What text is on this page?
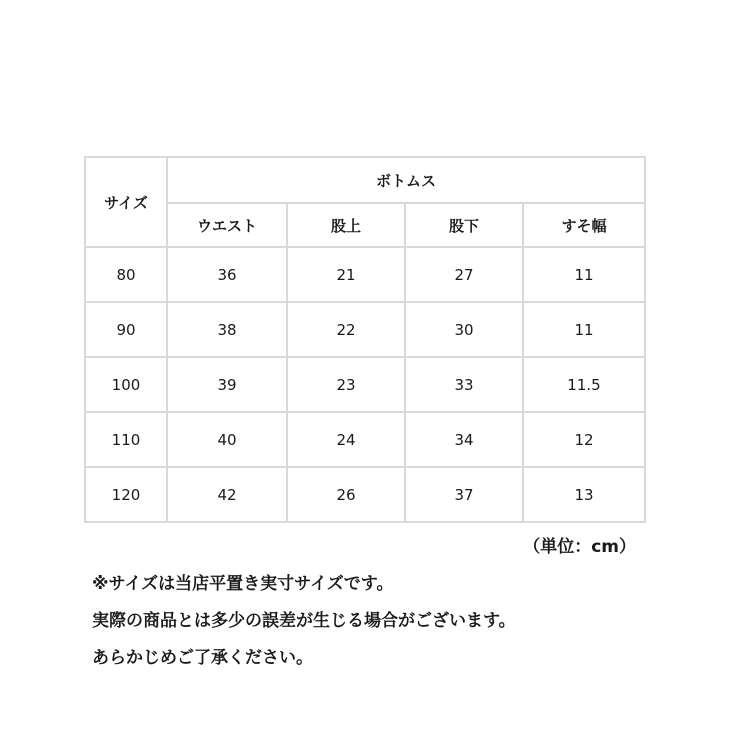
サイズ	ボトムス			
	ウエスト	股上	股下	すそ幅
80	36	21	27	11
90	38	22	30	11
100	39	23	33	11.5
110	40	24	34	12
120	42	26	37	13
（単位：cm）
※サイズは当店平置き実寸サイズです。
実際の商品とは多少の誤差が生じる場合がございます。
あらかじめご了承ください。
